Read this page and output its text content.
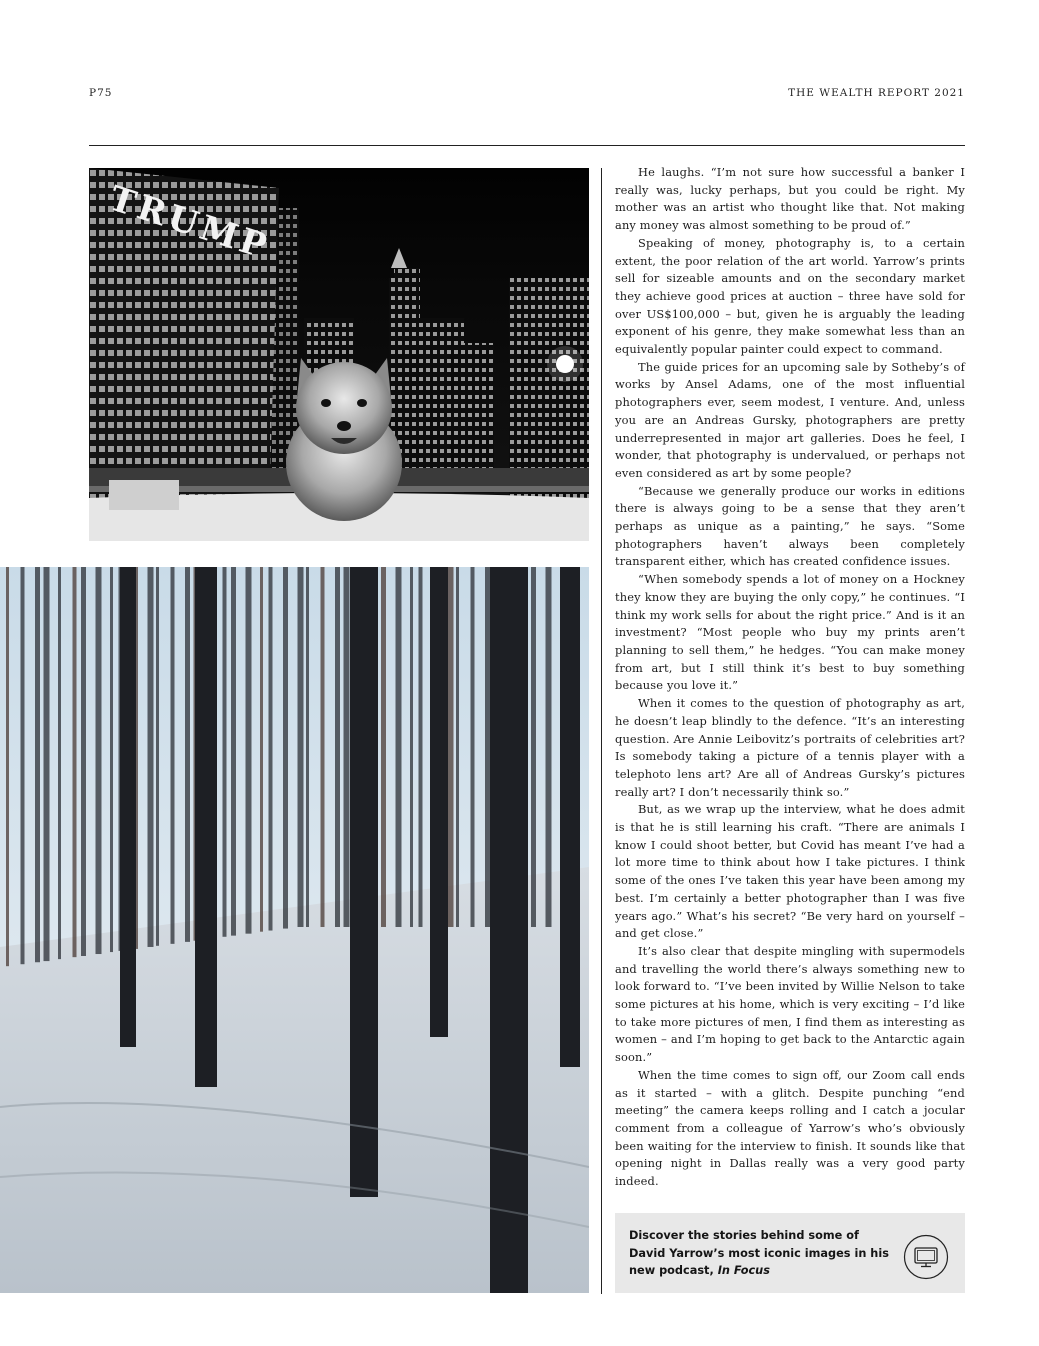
P75	THE WEALTH REPORT 2021
TRUMP

He laughs. “I’m not sure how successful a banker I really was, lucky perhaps, but you could be right. My mother was an artist who thought like that. Not making any money was almost something to be proud of.”

Speaking of money, photography is, to a certain extent, the poor relation of the art world. Yarrow’s prints sell for sizeable amounts and on the secondary market they achieve good prices at auction – three have sold for over US$100,000 – but, given he is arguably the leading exponent of his genre, they make somewhat less than an equivalently popular painter could expect to command.

The guide prices for an upcoming sale by Sotheby’s of works by Ansel Adams, one of the most influential photographers ever, seem modest, I venture. And, unless you are an Andreas Gursky, photographers are pretty underrepresented in major art galleries. Does he feel, I wonder, that photography is undervalued, or perhaps not even considered as art by some people?

“Because we generally produce our works in editions there is always going to be a sense that they aren’t perhaps as unique as a painting,” he says. “Some photographers haven’t always been completely transparent either, which has created confidence issues.

“When somebody spends a lot of money on a Hockney they know they are buying the only copy,” he continues. “I think my work sells for about the right price.” And is it an investment? “Most people who buy my prints aren’t planning to sell them,” he hedges. “You can make money from art, but I still think it’s best to buy something because you love it.”

When it comes to the question of photography as art, he doesn’t leap blindly to the defence. “It’s an interesting question. Are Annie Leibovitz’s portraits of celebrities art? Is somebody taking a picture of a tennis player with a telephoto lens art? Are all of Andreas Gursky’s pictures really art? I don’t necessarily think so.”

But, as we wrap up the interview, what he does admit is that he is still learning his craft. “There are animals I know I could shoot better, but Covid has meant I’ve had a lot more time to think about how I take pictures. I think some of the ones I’ve taken this year have been among my best. I’m certainly a better photographer than I was five years ago.” What’s his secret? “Be very hard on yourself – and get close.”

It’s also clear that despite mingling with supermodels and travelling the world there’s always something new to look forward to. “I’ve been invited by Willie Nelson to take some pictures at his home, which is very exciting – I’d like to take more pictures of men, I find them as interesting as women – and I’m hoping to get back to the Antarctic again soon.”

When the time comes to sign off, our Zoom call ends as it started – with a glitch. Despite punching “end meeting” the camera keeps rolling and I catch a jocular comment from a colleague of Yarrow’s who’s obviously been waiting for the interview to finish. It sounds like that opening night in Dallas really was a very good party indeed.

Discover the stories behind some of David Yarrow’s most iconic images in his new podcast, In Focus
